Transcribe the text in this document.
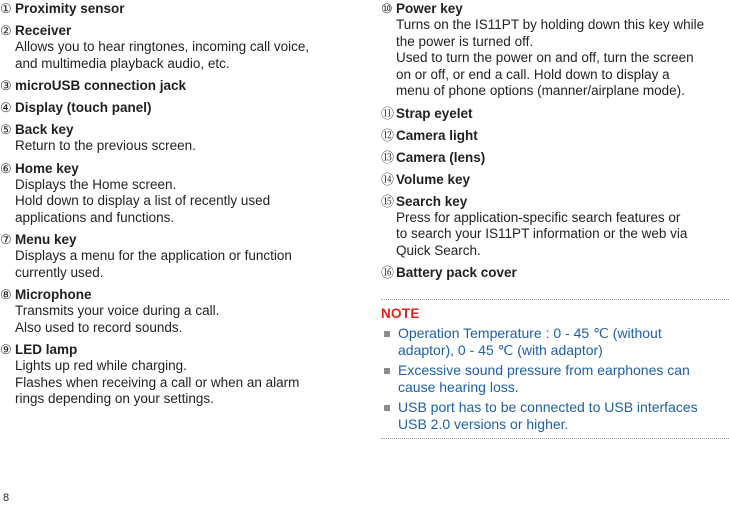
① Proximity sensor
② Receiver
Allows you to hear ringtones, incoming call voice,
and multimedia playback audio, etc.
③ microUSB connection jack
④ Display (touch panel)
⑤ Back key
Return to the previous screen.
⑥ Home key
Displays the Home screen.
Hold down to display a list of recently used
applications and functions.
⑦ Menu key
Displays a menu for the application or function
currently used.
⑧ Microphone
Transmits your voice during a call.
Also used to record sounds.
⑨ LED lamp
Lights up red while charging.
Flashes when receiving a call or when an alarm
rings depending on your settings.
⑩ Power key
Turns on the IS11PT by holding down this key while
the power is turned off.
Used to turn the power on and off, turn the screen
on or off, or end a call. Hold down to display a
menu of phone options (manner/airplane mode).
⑪ Strap eyelet
⑫ Camera light
⑬ Camera (lens)
⑭ Volume key
⑮ Search key
Press for application-specific search features or
to search your IS11PT information or the web via
Quick Search.
⑯ Battery pack cover
NOTE
Operation Temperature : 0 - 45 ℃ (without
adaptor), 0 - 45 ℃ (with adaptor)
Excessive sound pressure from earphones can
cause hearing loss.
USB port has to be connected to USB interfaces
USB 2.0 versions or higher.
8
